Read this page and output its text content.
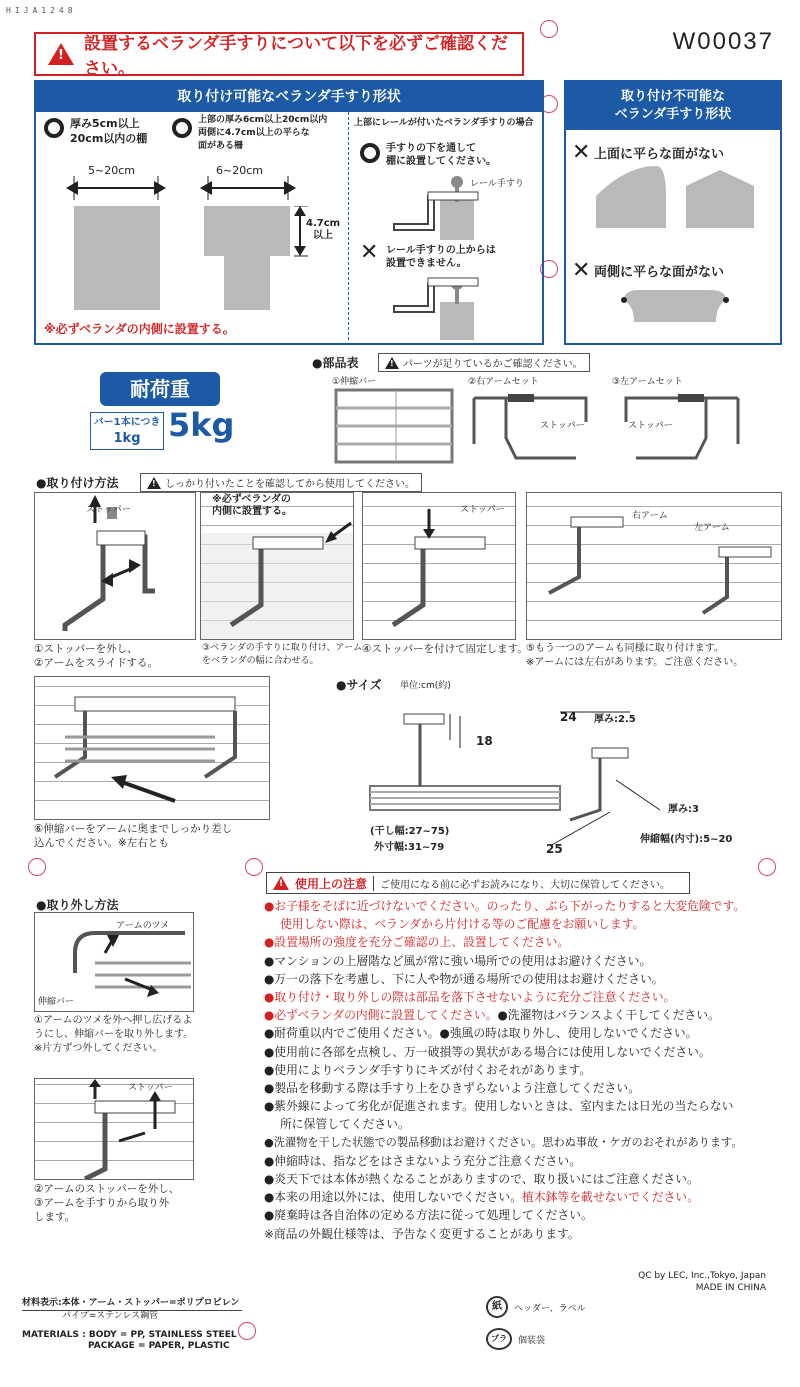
HIJA1248
W00037
!
設置するベランダ手すりについて以下を必ずご確認ください。
取り付け可能なベランダ手すり形状
厚み5cm以上
20cm以内の棚
上部の厚み6cm以上20cm以内
両側に4.7cm以上の平らな
面がある柵
5~20cm	6~20cm
4.7cm
以上
上部にレールが付いたベランダ手すりの場合
手すりの下を通して
棚に設置してください。
レール手すり
✕ レール手すりの上からは
設置できません。
※必ずベランダの内側に設置する。
取り付け不可能な
ベランダ手すり形状
✕ 上面に平らな面がない
✕ 両側に平らな面がない
耐荷重
バー1本につき
1kg 5kg
●部品表 !	パーツが足りているかご確認ください。
①伸縮バー	②右アームセット	③左アームセット
ストッパー	ストッパー
●取り付け方法 !	しっかり付いたことを確認してから使用してください。
ストッパー
※必ずベランダの
内側に設置する。	ストッパー
右アーム
左アーム
①ストッパーを外し、
②アームをスライドする。
③ベランダの手すりに取り付け、アーム
をベランダの幅に合わせる。
④ストッパーを付けて固定します。
⑤もう一つのアームも同様に取り付けます。
※アームには左右があります。ご注意ください。
⑥伸縮バーをアームに奥までしっかり差し
込んでください。※左右とも
●サイズ 単位:cm(約)
18
24 厚み:2.5
厚み:3
伸縮幅(内寸):5~20
(干し幅:27~75)
外寸幅:31~79	25
●取り外し方法
アームのツメ
伸縮バー
①アームのツメを外へ押し広げるよ
うにし、伸縮バーを取り外します。
※片方ずつ外してください。
ストッパー
②アームのストッパーを外し、
③アームを手すりから取り外
します。
!
使用上の注意	ご使用になる前に必ずお読みになり、大切に保管してください。
●お子様をそばに近づけないでください。のったり、ぶら下がったりすると大変危険です。
使用しない際は、ベランダから片付ける等のご配慮をお願いします。
●設置場所の強度を充分ご確認の上、設置してください。
●マンションの上層階など風が常に強い場所での使用はお避けください。
●万一の落下を考慮し、下に人や物が通る場所での使用はお避けください。
●取り付け・取り外しの際は部品を落下させないように充分ご注意ください。
●必ずベランダの内側に設置してください。●洗濯物はバランスよく干してください。
●耐荷重以内でご使用ください。●強風の時は取り外し、使用しないでください。
●使用前に各部を点検し、万一破損等の異状がある場合には使用しないでください。
●使用によりベランダ手すりにキズが付くおそれがあります。
●製品を移動する際は手すり上をひきずらないよう注意してください。
●紫外線によって劣化が促進されます。使用しないときは、室内または日光の当たらない
所に保管してください。
●洗濯物を干した状態での製品移動はお避けください。思わぬ事故・ケガのおそれがあります。
●伸縮時は、指などをはさまないよう充分ご注意ください。
●炎天下では本体が熱くなることがありますので、取り扱いにはご注意ください。
●本来の用途以外には、使用しないでください。植木鉢等を載せないでください。
●廃棄時は各自治体の定める方法に従って処理してください。
※商品の外観仕様等は、予告なく変更することがあります。
QC by LEC, Inc.,Tokyo, Japan
MADE IN CHINA
材料表示:本体・アーム・ストッパー=ポリプロピレン
パイプ=ステンレス鋼管
MATERIALS : BODY = PP, STAINLESS STEEL
PACKAGE = PAPER, PLASTIC
紙	ヘッダー、ラベル
プラ	個装袋
